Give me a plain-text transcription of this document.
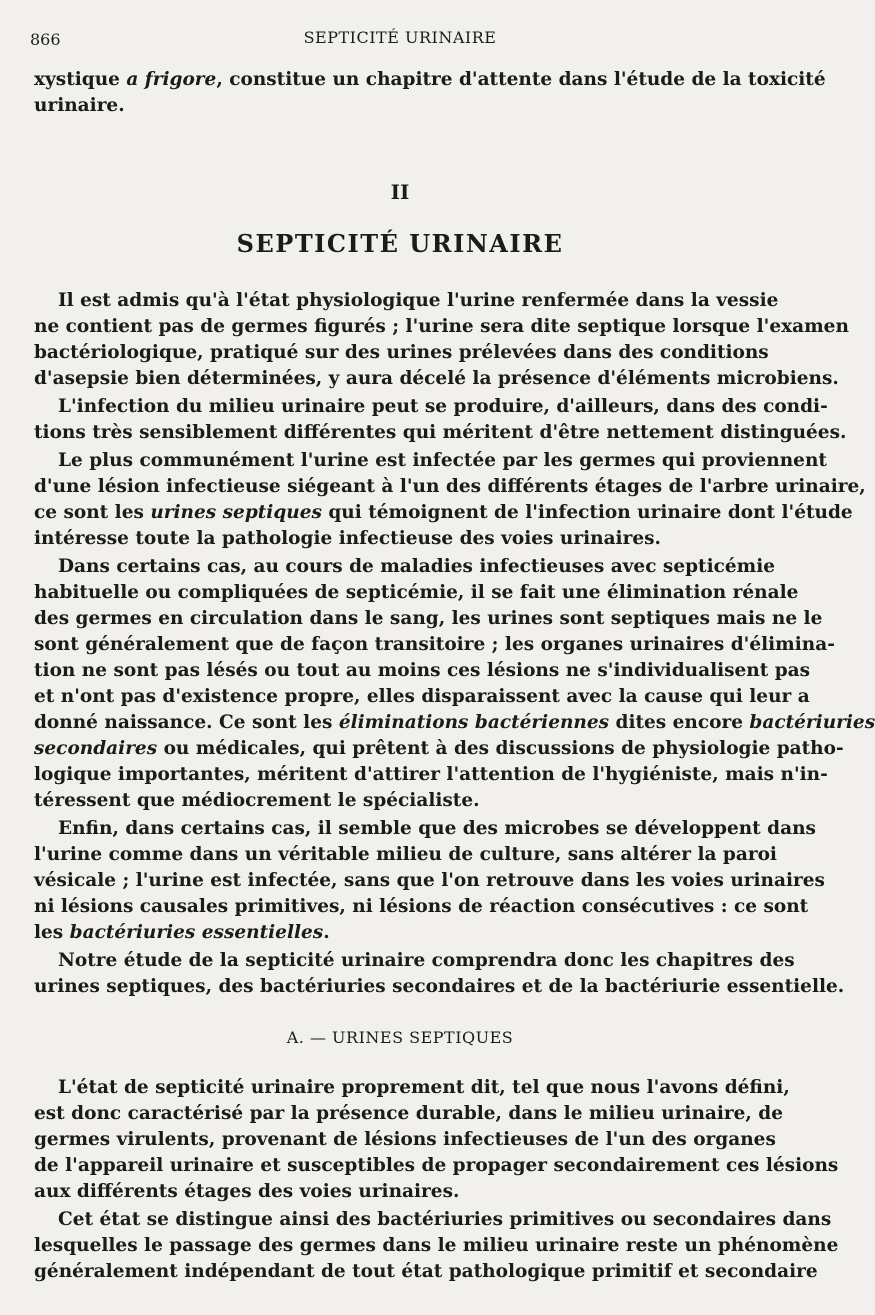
866	SEPTICITÉ URINAIRE
II
SEPTICITÉ URINAIRE
A. — URINES SEPTIQUES
xystique a frigore, constitue un chapitre d'attente dans l'étude de la toxicité
urinaire.
Il est admis qu'à l'état physiologique l'urine renfermée dans la vessie
ne contient pas de germes figurés ; l'urine sera dite septique lorsque l'examen
bactériologique, pratiqué sur des urines prélevées dans des conditions
d'asepsie bien déterminées, y aura décelé la présence d'éléments microbiens.
L'infection du milieu urinaire peut se produire, d'ailleurs, dans des condi-
tions très sensiblement différentes qui méritent d'être nettement distinguées.
Le plus communément l'urine est infectée par les germes qui proviennent
d'une lésion infectieuse siégeant à l'un des différents étages de l'arbre urinaire,
ce sont les urines septiques qui témoignent de l'infection urinaire dont l'étude
intéresse toute la pathologie infectieuse des voies urinaires.
Dans certains cas, au cours de maladies infectieuses avec septicémie
habituelle ou compliquées de septicémie, il se fait une élimination rénale
des germes en circulation dans le sang, les urines sont septiques mais ne le
sont généralement que de façon transitoire ; les organes urinaires d'élimina-
tion ne sont pas lésés ou tout au moins ces lésions ne s'individualisent pas
et n'ont pas d'existence propre, elles disparaissent avec la cause qui leur a
donné naissance. Ce sont les éliminations bactériennes dites encore bactériuries
secondaires ou médicales, qui prêtent à des discussions de physiologie patho-
logique importantes, méritent d'attirer l'attention de l'hygiéniste, mais n'in-
téressent que médiocrement le spécialiste.
Enfin, dans certains cas, il semble que des microbes se développent dans
l'urine comme dans un véritable milieu de culture, sans altérer la paroi
vésicale ; l'urine est infectée, sans que l'on retrouve dans les voies urinaires
ni lésions causales primitives, ni lésions de réaction consécutives : ce sont
les bactériuries essentielles.
Notre étude de la septicité urinaire comprendra donc les chapitres des
urines septiques, des bactériuries secondaires et de la bactériurie essentielle.
L'état de septicité urinaire proprement dit, tel que nous l'avons défini,
est donc caractérisé par la présence durable, dans le milieu urinaire, de
germes virulents, provenant de lésions infectieuses de l'un des organes
de l'appareil urinaire et susceptibles de propager secondairement ces lésions
aux différents étages des voies urinaires.
Cet état se distingue ainsi des bactériuries primitives ou secondaires dans
lesquelles le passage des germes dans le milieu urinaire reste un phénomène
généralement indépendant de tout état pathologique primitif et secondaire
